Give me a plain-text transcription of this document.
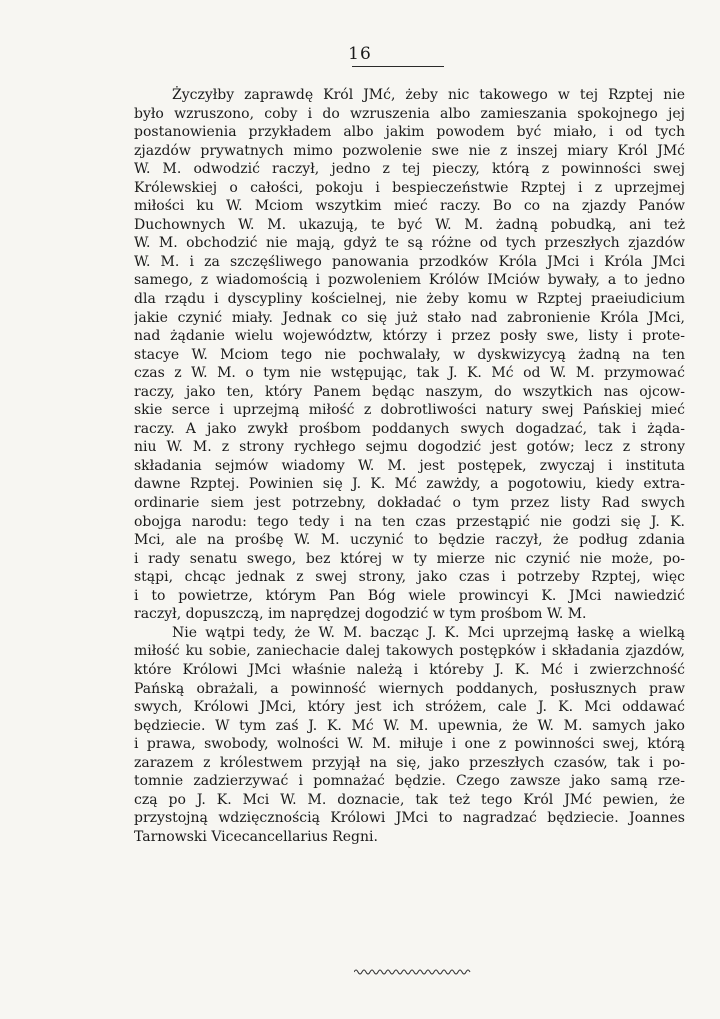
16
Życzyłby zaprawdę Król JMć, żeby nic takowego w tej Rzptej nie
było wzruszono, coby i do wzruszenia albo zamieszania spokojnego jej
postanowienia przykładem albo jakim powodem być miało, i od tych
zjazdów prywatnych mimo pozwolenie swe nie z inszej miary Król JMć
W. M. odwodzić raczył, jedno z tej pieczy, którą z powinności swej
Królewskiej o całości, pokoju i bespieczeństwie Rzptej i z uprzejmej
miłości ku W. Mciom wszytkim mieć raczy. Bo co na zjazdy Panów
Duchownych W. M. ukazują, te być W. M. żadną pobudką, ani też
W. M. obchodzić nie mają, gdyż te są różne od tych przeszłych zjazdów
W. M. i za szczęśliwego panowania przodków Króla JMci i Króla JMci
samego, z wiadomością i pozwoleniem Królów IMciów bywały, a to jedno
dla rządu i dyscypliny kościelnej, nie żeby komu w Rzptej praeiudicium
jakie czynić miały. Jednak co się już stało nad zabronienie Króla JMci,
nad żądanie wielu województw, którzy i przez posły swe, listy i prote-
stacye W. Mciom tego nie pochwalały, w dyskwizycyą żadną na ten
czas z W. M. o tym nie wstępując, tak J. K. Mć od W. M. przymować
raczy, jako ten, który Panem będąc naszym, do wszytkich nas ojcow-
skie serce i uprzejmą miłość z dobrotliwości natury swej Pańskiej mieć
raczy. A jako zwykł prośbom poddanych swych dogadzać, tak i żąda-
niu W. M. z strony rychłego sejmu dogodzić jest gotów; lecz z strony
składania sejmów wiadomy W. M. jest postępek, zwyczaj i instituta
dawne Rzptej. Powinien się J. K. Mć zawżdy, a pogotowiu, kiedy extra-
ordinarie siem jest potrzebny, dokładać o tym przez listy Rad swych
obojga narodu: tego tedy i na ten czas przestąpić nie godzi się J. K.
Mci, ale na prośbę W. M. uczynić to będzie raczył, że podług zdania
i rady senatu swego, bez której w ty mierze nic czynić nie może, po-
stąpi, chcąc jednak z swej strony, jako czas i potrzeby Rzptej, więc
i to powietrze, którym Pan Bóg wiele prowincyi K. JMci nawiedzić
raczył, dopuszczą, im naprędzej dogodzić w tym prośbom W. M.
Nie wątpi tedy, że W. M. bacząc J. K. Mci uprzejmą łaskę a wielką
miłość ku sobie, zaniechacie dalej takowych postępków i składania zjazdów,
które Królowi JMci właśnie należą i któreby J. K. Mć i zwierzchność
Pańską obrażali, a powinność wiernych poddanych, posłusznych praw
swych, Królowi JMci, który jest ich stróżem, cale J. K. Mci oddawać
będziecie. W tym zaś J. K. Mć W. M. upewnia, że W. M. samych jako
i prawa, swobody, wolności W. M. miłuje i one z powinności swej, którą
zarazem z królestwem przyjął na się, jako przeszłych czasów, tak i po-
tomnie zadzierzywać i pomnażać będzie. Czego zawsze jako samą rze-
czą po J. K. Mci W. M. doznacie, tak też tego Król JMć pewien, że
przystojną wdzięcznością Królowi JMci to nagradzać będziecie. Joannes
Tarnowski Vicecancellarius Regni.
